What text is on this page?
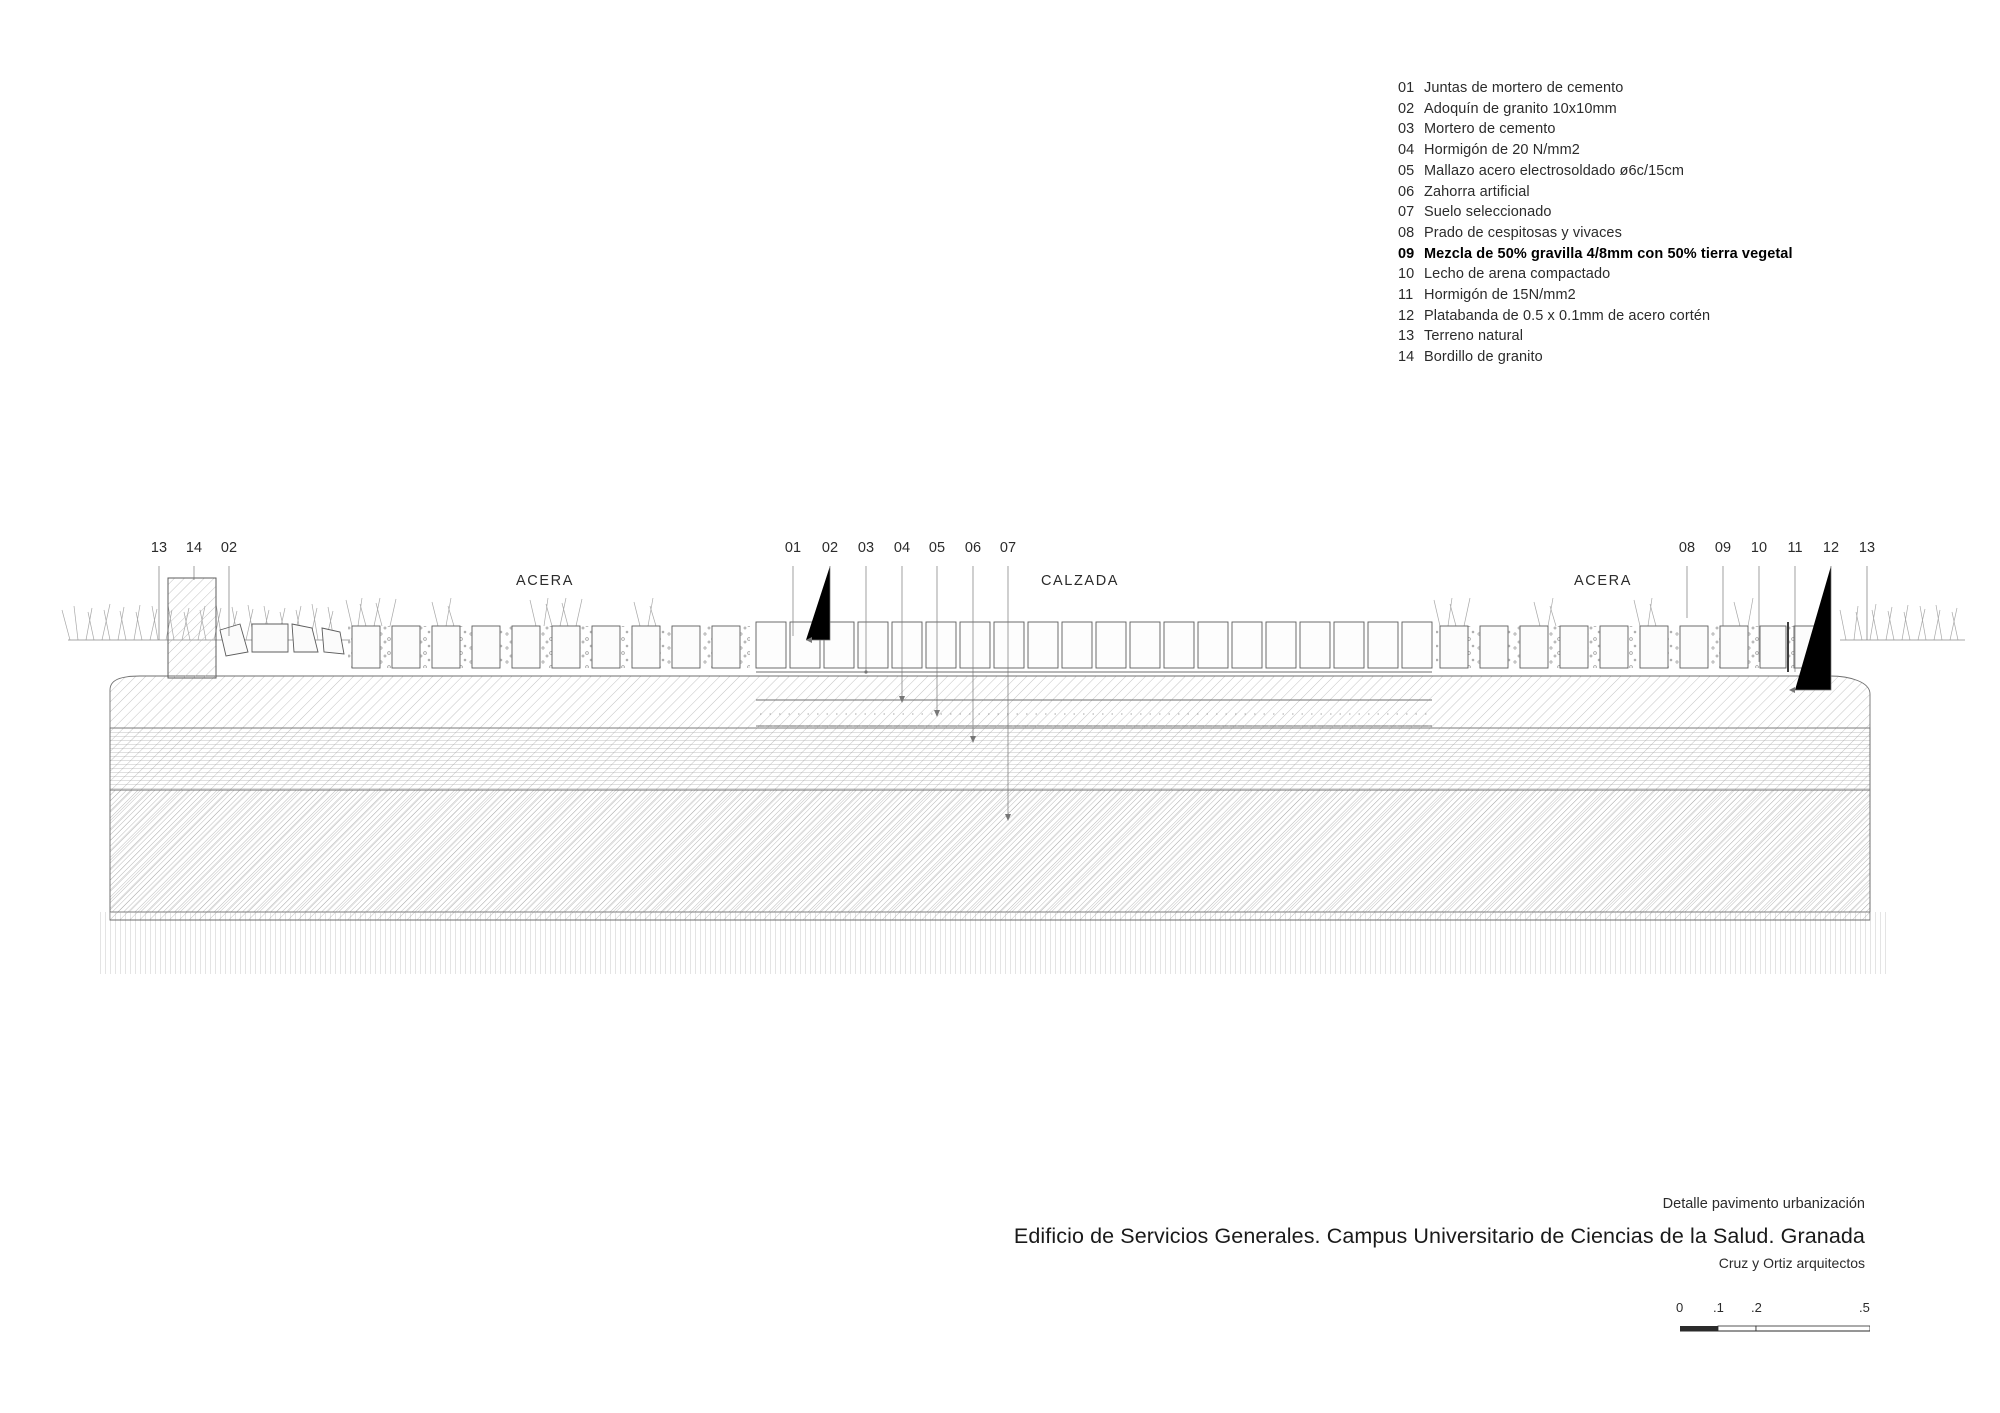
01 Juntas de mortero de cemento
02 Adoquín de granito 10x10mm
03 Mortero de cemento
04 Hormigón de 20 N/mm2
05 Mallazo acero electrosoldado ø6c/15cm
06 Zahorra artificial
07 Suelo seleccionado
08 Prado de cespitosas y vivaces
09 Mezcla de 50% gravilla 4/8mm con 50% tierra vegetal
10 Lecho de arena compactado
11 Hormigón de 15N/mm2
12 Platabanda de 0.5 x 0.1mm de acero cortén
13 Terreno natural
14 Bordillo de granito
13 14 02	01 02 03 04 05 06 07	08 09 10	11	12 13
ACERA	CALZADA	ACERA
Detalle pavimento urbanización
Edificio de Servicios Generales. Campus Universitario de Ciencias de la Salud. Granada
Cruz y Ortiz arquitectos
0 .1 .2	.5
